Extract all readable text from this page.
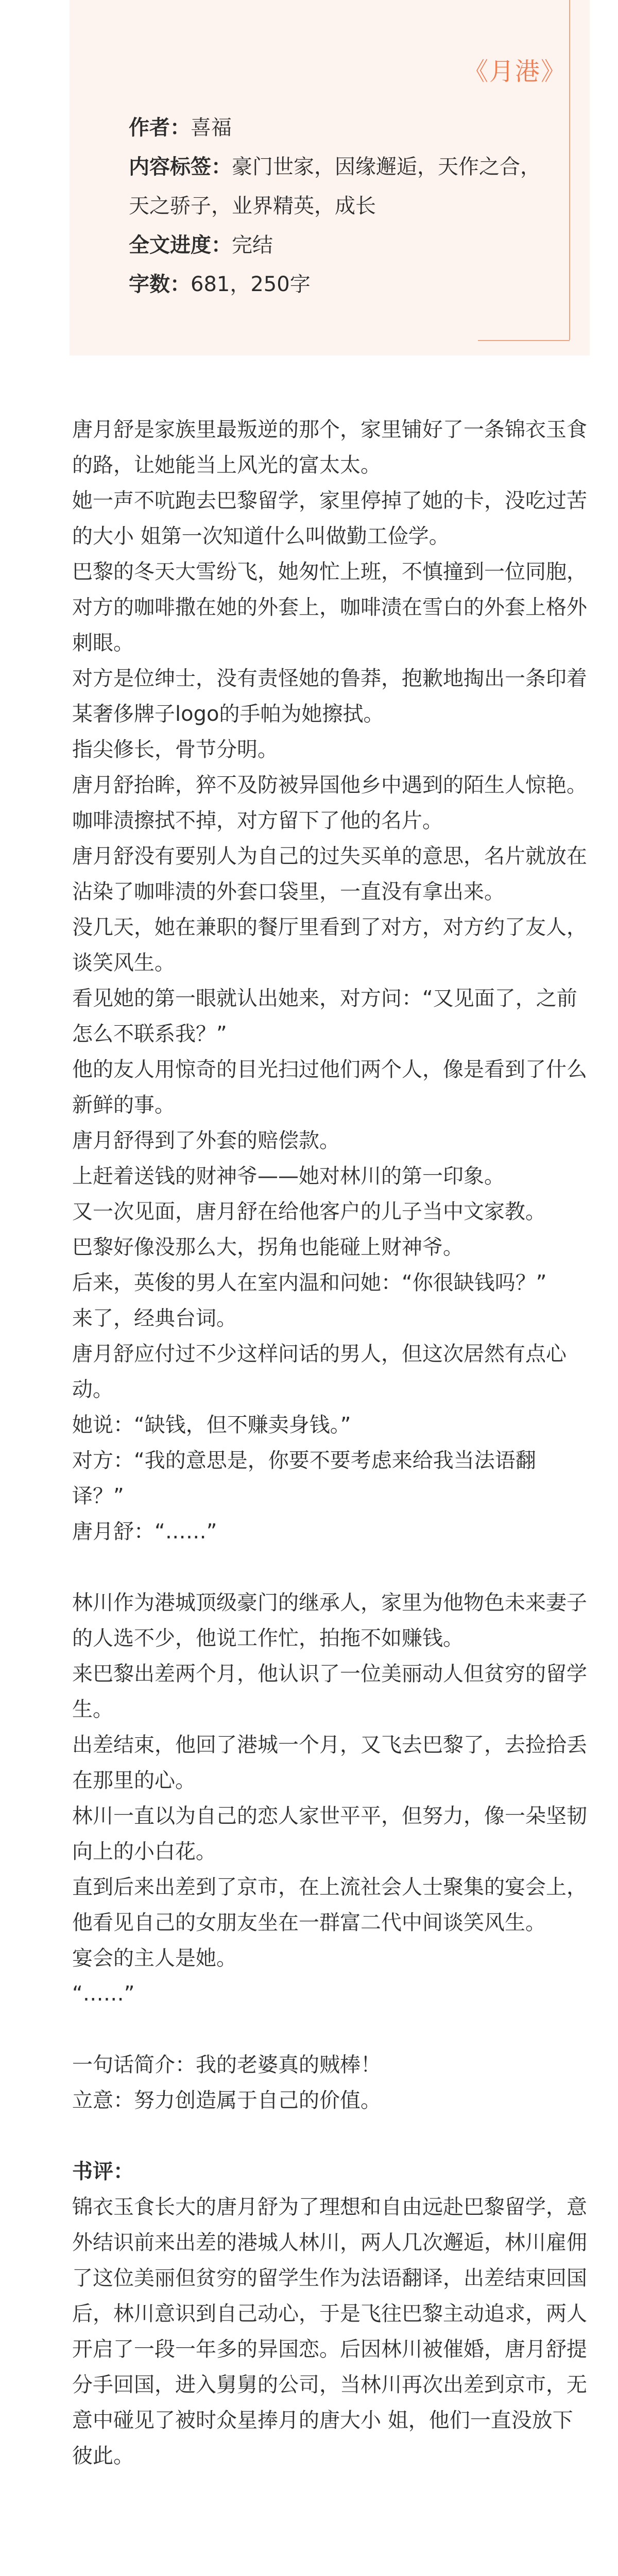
《月港》

作者：喜福

内容标签：豪门世家，因缘邂逅，天作之合，天之骄子，业界精英，成长

全文进度：完结

字数：681，250字

唐月舒是家族里最叛逆的那个，家里铺好了一条锦衣玉食的路，让她能当上风光的富太太。

她一声不吭跑去巴黎留学，家里停掉了她的卡，没吃过苦的大小 姐第一次知道什么叫做勤工俭学。

巴黎的冬天大雪纷飞，她匆忙上班，不慎撞到一位同胞，对方的咖啡撒在她的外套上，咖啡渍在雪白的外套上格外刺眼。

对方是位绅士，没有责怪她的鲁莽，抱歉地掏出一条印着某奢侈牌子logo的手帕为她擦拭。

指尖修长，骨节分明。

唐月舒抬眸，猝不及防被异国他乡中遇到的陌生人惊艳。

咖啡渍擦拭不掉，对方留下了他的名片。

唐月舒没有要别人为自己的过失买单的意思，名片就放在沾染了咖啡渍的外套口袋里，一直没有拿出来。

没几天，她在兼职的餐厅里看到了对方，对方约了友人，谈笑风生。

看见她的第一眼就认出她来，对方问：“又见面了，之前怎么不联系我？”

他的友人用惊奇的目光扫过他们两个人，像是看到了什么新鲜的事。

唐月舒得到了外套的赔偿款。

上赶着送钱的财神爷——她对林川的第一印象。

又一次见面，唐月舒在给他客户的儿子当中文家教。

巴黎好像没那么大，拐角也能碰上财神爷。

后来，英俊的男人在室内温和问她：“你很缺钱吗？”

来了，经典台词。

唐月舒应付过不少这样问话的男人，但这次居然有点心动。

她说：“缺钱，但不赚卖身钱。”

对方：“我的意思是，你要不要考虑来给我当法语翻译？”

唐月舒：“……”

林川作为港城顶级豪门的继承人，家里为他物色未来妻子的人选不少，他说工作忙，拍拖不如赚钱。

来巴黎出差两个月，他认识了一位美丽动人但贫穷的留学生。

出差结束，他回了港城一个月，又飞去巴黎了，去捡拾丢在那里的心。

林川一直以为自己的恋人家世平平，但努力，像一朵坚韧向上的小白花。

直到后来出差到了京市，在上流社会人士聚集的宴会上，他看见自己的女朋友坐在一群富二代中间谈笑风生。

宴会的主人是她。

“……”

一句话简介：我的老婆真的贼棒！

立意：努力创造属于自己的价值。

书评：

锦衣玉食长大的唐月舒为了理想和自由远赴巴黎留学，意外结识前来出差的港城人林川，两人几次邂逅，林川雇佣了这位美丽但贫穷的留学生作为法语翻译，出差结束回国后，林川意识到自己动心，于是飞往巴黎主动追求，两人开启了一段一年多的异国恋。后因林川被催婚，唐月舒提分手回国，进入舅舅的公司，当林川再次出差到京市，无意中碰见了被时众星捧月的唐大小 姐，他们一直没放下彼此。
